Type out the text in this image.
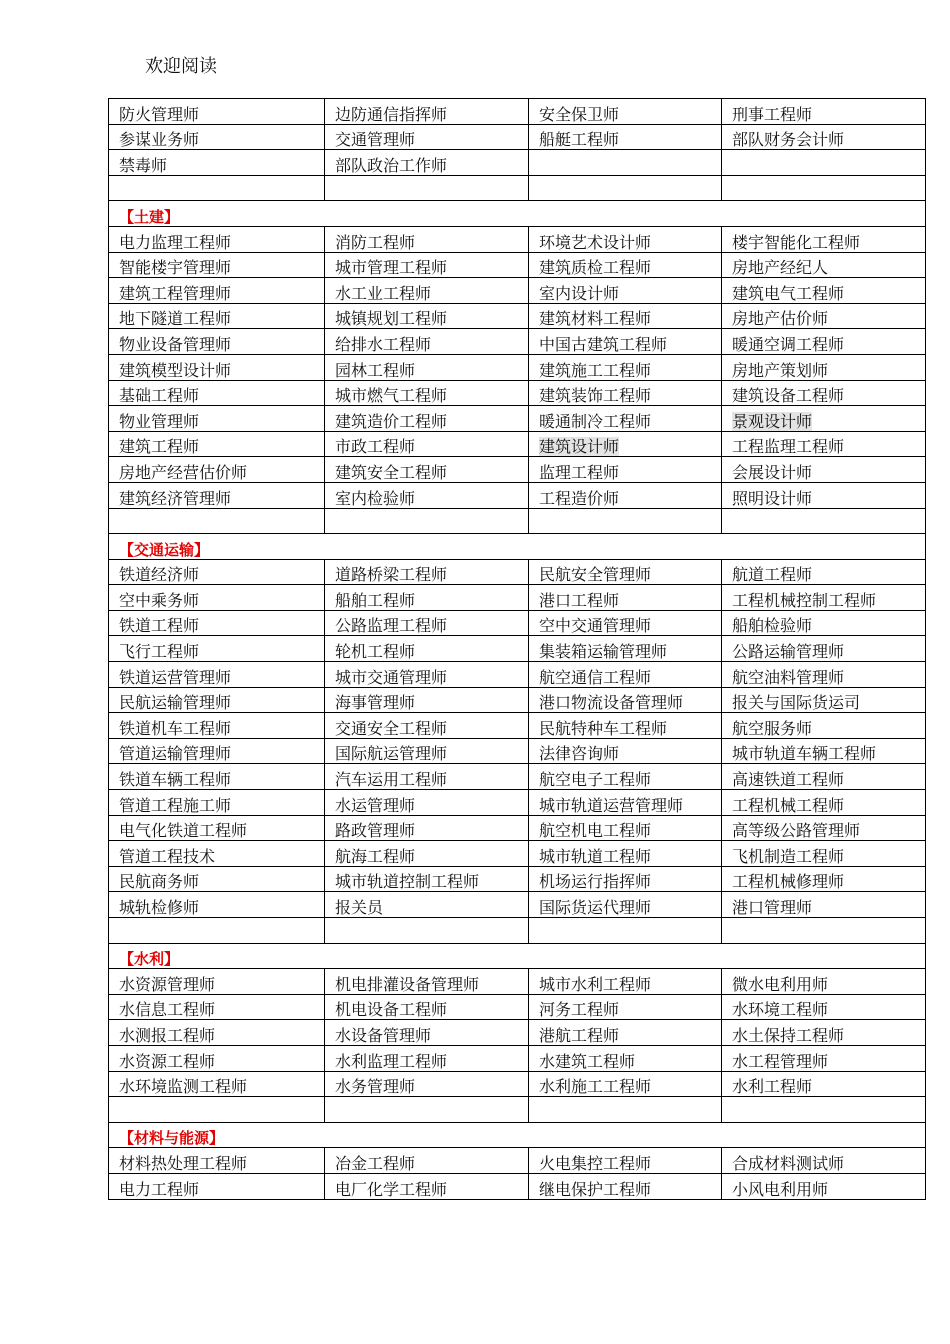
欢迎阅读
防火管理师	边防通信指挥师	安全保卫师	刑事工程师
参谋业务师	交通管理师	船艇工程师	部队财务会计师
禁毒师	部队政治工作师		

【土建】			
电力监理工程师	消防工程师	环境艺术设计师	楼宇智能化工程师
智能楼宇管理师	城市管理工程师	建筑质检工程师	房地产经纪人
建筑工程管理师	水工业工程师	室内设计师	建筑电气工程师
地下隧道工程师	城镇规划工程师	建筑材料工程师	房地产估价师
物业设备管理师	给排水工程师	中国古建筑工程师	暖通空调工程师
建筑模型设计师	园林工程师	建筑施工工程师	房地产策划师
基础工程师	城市燃气工程师	建筑装饰工程师	建筑设备工程师
物业管理师	建筑造价工程师	暖通制冷工程师	景观设计师
建筑工程师	市政工程师	建筑设计师	工程监理工程师
房地产经营估价师	建筑安全工程师	监理工程师	会展设计师
建筑经济管理师	室内检验师	工程造价师	照明设计师

【交通运输】			
铁道经济师	道路桥梁工程师	民航安全管理师	航道工程师
空中乘务师	船舶工程师	港口工程师	工程机械控制工程师
铁道工程师	公路监理工程师	空中交通管理师	船舶检验师
飞行工程师	轮机工程师	集装箱运输管理师	公路运输管理师
铁道运营管理师	城市交通管理师	航空通信工程师	航空油料管理师
民航运输管理师	海事管理师	港口物流设备管理师	报关与国际货运司
铁道机车工程师	交通安全工程师	民航特种车工程师	航空服务师
管道运输管理师	国际航运管理师	法律咨询师	城市轨道车辆工程师
铁道车辆工程师	汽车运用工程师	航空电子工程师	高速铁道工程师
管道工程施工师	水运管理师	城市轨道运营管理师	工程机械工程师
电气化铁道工程师	路政管理师	航空机电工程师	高等级公路管理师
管道工程技术	航海工程师	城市轨道工程师	飞机制造工程师
民航商务师	城市轨道控制工程师	机场运行指挥师	工程机械修理师
城轨检修师	报关员	国际货运代理师	港口管理师

【水利】			
水资源管理师	机电排灌设备管理师	城市水利工程师	微水电利用师
水信息工程师	机电设备工程师	河务工程师	水环境工程师
水测报工程师	水设备管理师	港航工程师	水土保持工程师
水资源工程师	水利监理工程师	水建筑工程师	水工程管理师
水环境监测工程师	水务管理师	水利施工工程师	水利工程师

【材料与能源】			
材料热处理工程师	冶金工程师	火电集控工程师	合成材料测试师
电力工程师	电厂化学工程师	继电保护工程师	小风电利用师
